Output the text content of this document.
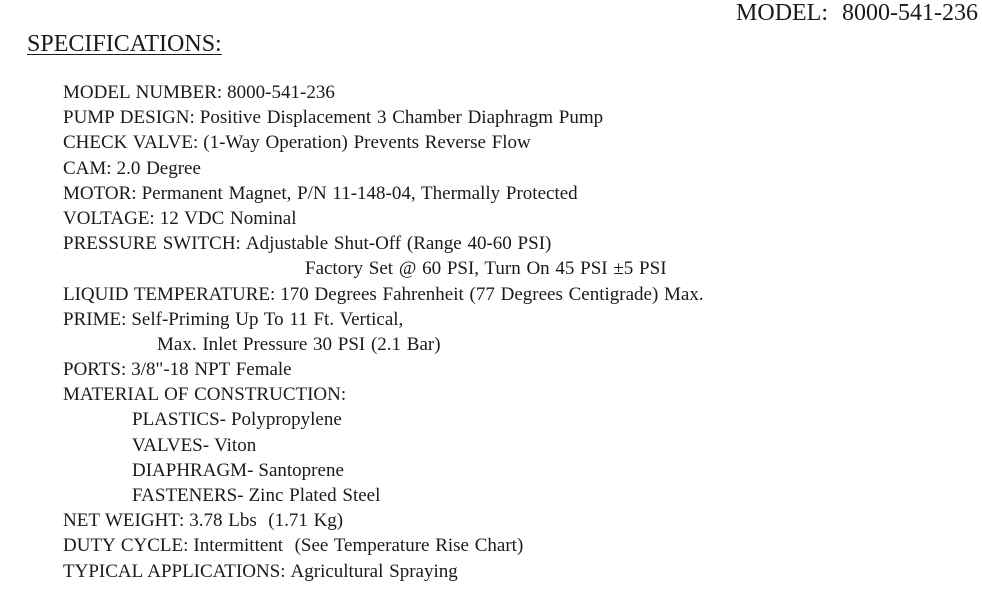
MODEL: 8000-541-236
SPECIFICATIONS:
MODEL NUMBER: 8000-541-236
PUMP DESIGN: Positive Displacement 3 Chamber Diaphragm Pump
CHECK VALVE: (1-Way Operation) Prevents Reverse Flow
CAM: 2.0 Degree
MOTOR: Permanent Magnet, P/N 11-148-04, Thermally Protected
VOLTAGE: 12 VDC Nominal
PRESSURE SWITCH: Adjustable Shut-Off (Range 40-60 PSI)
Factory Set @ 60 PSI, Turn On 45 PSI ±5 PSI
LIQUID TEMPERATURE: 170 Degrees Fahrenheit (77 Degrees Centigrade) Max.
PRIME: Self-Priming Up To 11 Ft. Vertical,
Max. Inlet Pressure 30 PSI (2.1 Bar)
PORTS: 3/8"-18 NPT Female
MATERIAL OF CONSTRUCTION:
PLASTICS- Polypropylene
VALVES- Viton
DIAPHRAGM- Santoprene
FASTENERS- Zinc Plated Steel
NET WEIGHT: 3.78 Lbs  (1.71 Kg)
DUTY CYCLE: Intermittent  (See Temperature Rise Chart)
TYPICAL APPLICATIONS: Agricultural Spraying
